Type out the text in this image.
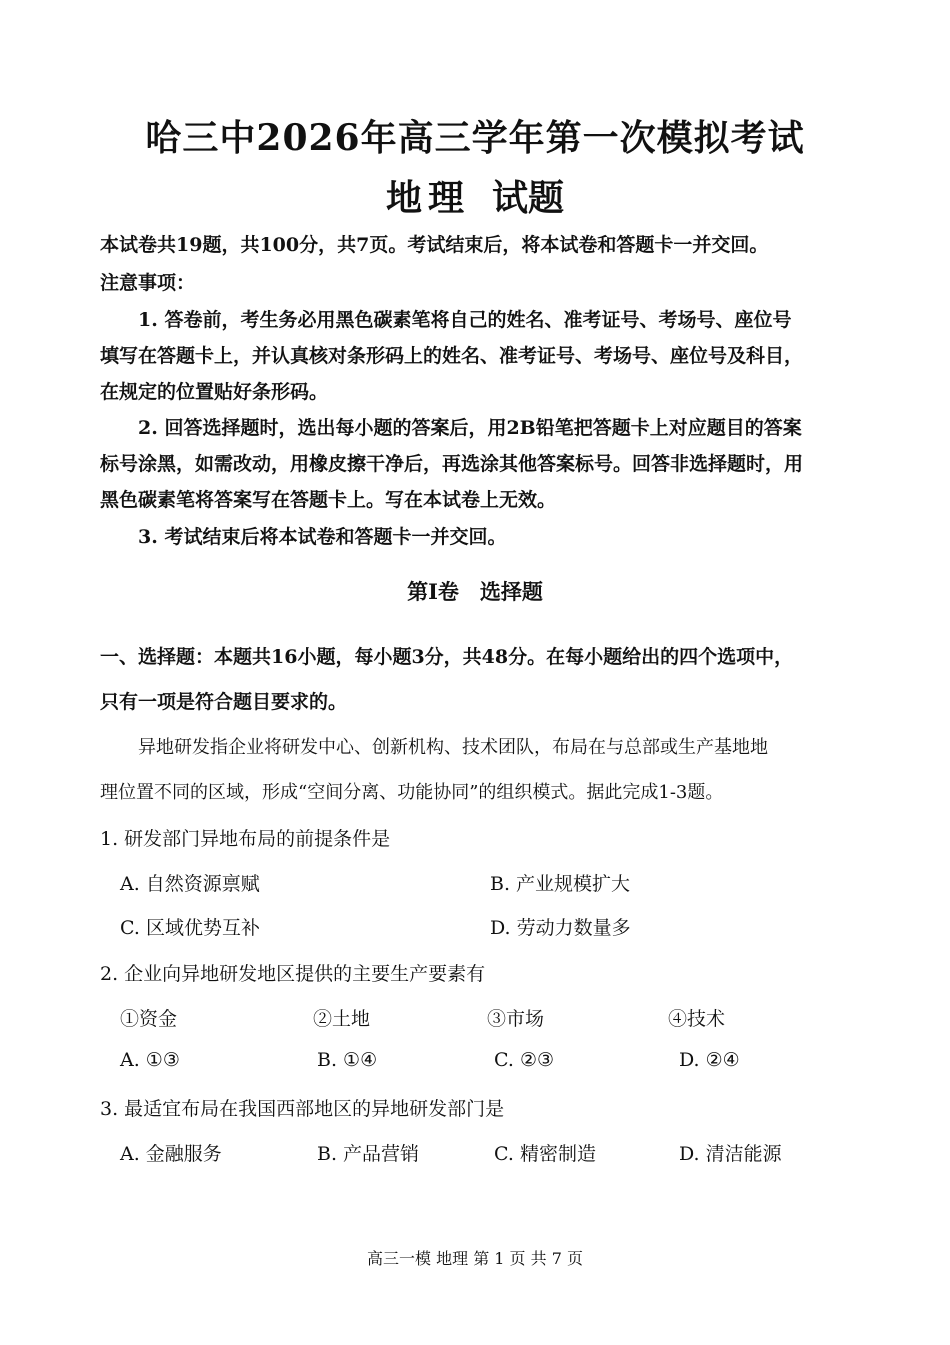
哈三中2026年高三学年第一次模拟考试
地理 试题
本试卷共19题，共100分，共7页。考试结束后，将本试卷和答题卡一并交回。
注意事项：
1. 答卷前，考生务必用黑色碳素笔将自己的姓名、准考证号、考场号、座位号
填写在答题卡上，并认真核对条形码上的姓名、准考证号、考场号、座位号及科目，
在规定的位置贴好条形码。
2. 回答选择题时，选出每小题的答案后，用2B铅笔把答题卡上对应题目的答案
标号涂黑，如需改动，用橡皮擦干净后，再选涂其他答案标号。回答非选择题时，用
黑色碳素笔将答案写在答题卡上。写在本试卷上无效。
3. 考试结束后将本试卷和答题卡一并交回。
第Ⅰ卷　选择题
一、选择题：本题共16小题，每小题3分，共48分。在每小题给出的四个选项中，
只有一项是符合题目要求的。
异地研发指企业将研发中心、创新机构、技术团队，布局在与总部或生产基地地
理位置不同的区域，形成“空间分离、功能协同”的组织模式。据此完成1-3题。
1. 研发部门异地布局的前提条件是
A. 自然资源禀赋	B. 产业规模扩大
C. 区域优势互补	D. 劳动力数量多
2. 企业向异地研发地区提供的主要生产要素有
①资金	②土地	③市场	④技术
A. ①③	B. ①④	C. ②③	D. ②④
3. 最适宜布局在我国西部地区的异地研发部门是
A. 金融服务	B. 产品营销	C. 精密制造	D. 清洁能源
高三一模 地理 第 1 页 共 7 页
